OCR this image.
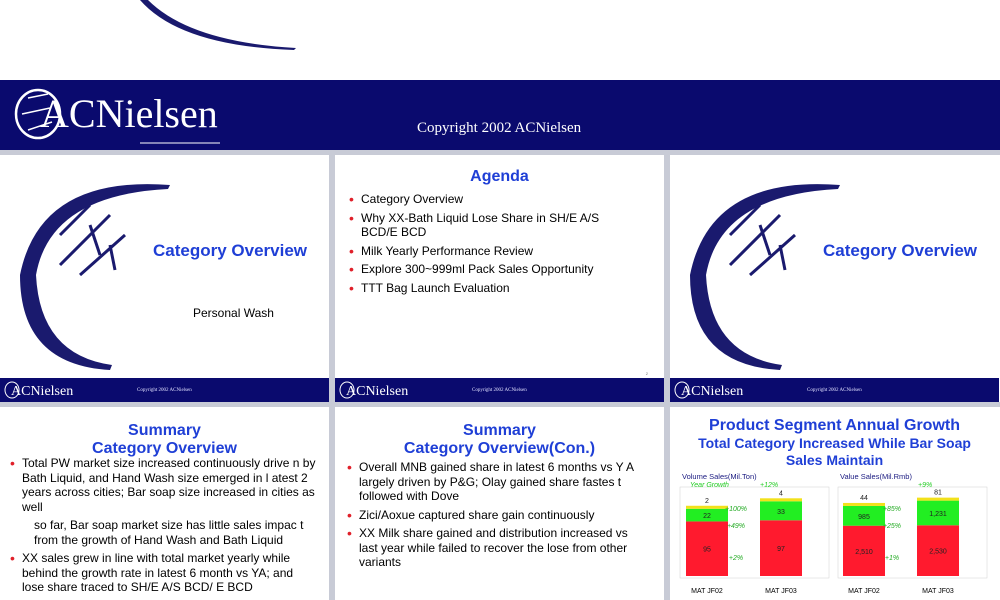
ACNielsen	Copyright 2002 ACNielsen
Category Overview
Personal Wash
ACNielsen	Copyright 2002 ACNielsen
Agenda
• Category Overview
• Why XX-Bath Liquid Lose Share in SH/E A/S BCD/E BCD
• Milk Yearly Performance Review
• Explore 300~999ml Pack Sales Opportunity
• TTT Bag Launch Evaluation
2
ACNielsen	Copyright 2002 ACNielsen
Category Overview
ACNielsen	Copyright 2002 ACNielsen
Summary
Category Overview
• Total PW market size increased continuously drive n by Bath Liquid, and Hand Wash size emerged in l atest 2 years across cities; Bar soap size increased in cities as well
so far, Bar soap market size has little sales impac t from the growth of Hand Wash and Bath Liquid
• XX sales grew in line with total market yearly while behind the growth rate in latest 6 month vs YA; and lose share traced to SH/E A/S BCD/ E BCD
Summary
Category Overview(Con.)
• Overall MNB gained share in latest 6 months vs Y A largely driven by P&G; Olay gained share fastes t followed with Dove
• Zici/Aoxue captured share gain continuously
• XX Milk share gained and distribution increased vs last year while failed to recover the lose from other variants
Product Segment Annual Growth
Total Category Increased While Bar Soap
Sales Maintain
Volume Sales(Mil.Ton)
Year Growth	+12%
95
22
2
MAT JF02
97
33
4
MAT JF03
+100%
+49%
+2%
Value Sales(Mil.Rmb)
+9%
2,510
985
44
MAT JF02
2,530
1,231
81
MAT JF03
+85%
+25%
+1%
